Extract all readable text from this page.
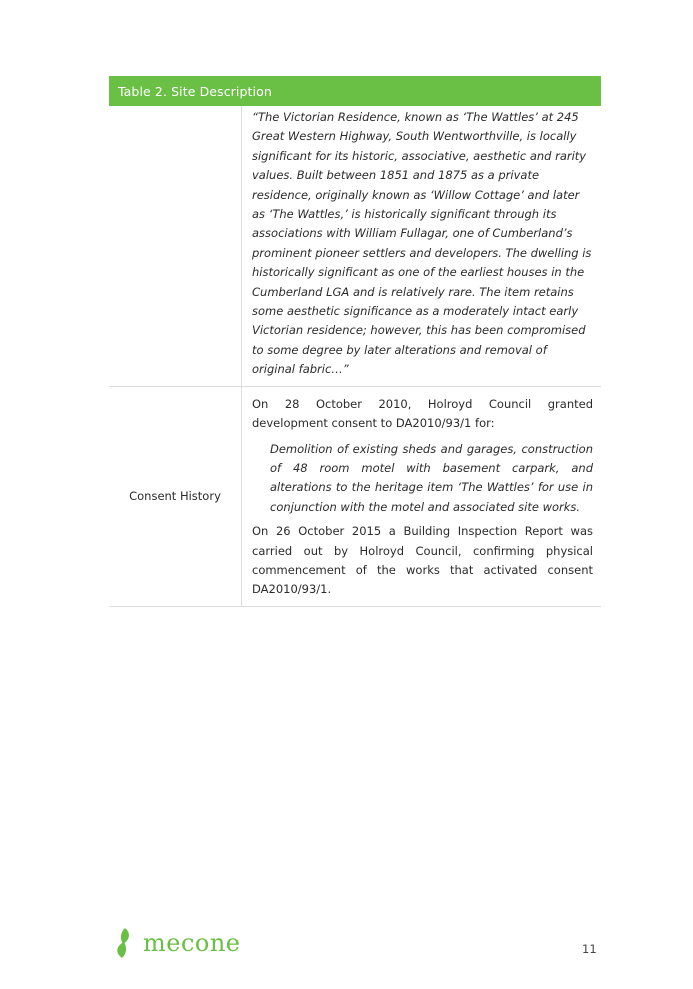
Table 2. Site Description

“The Victorian Residence, known as ‘The Wattles’ at 245 Great Western Highway, South Wentworthville, is locally significant for its historic, associative, aesthetic and rarity values. Built between 1851 and 1875 as a private residence, originally known as ‘Willow Cottage’ and later as ‘The Wattles,’ is historically significant through its associations with William Fullagar, one of Cumberland’s prominent pioneer settlers and developers. The dwelling is historically significant as one of the earliest houses in the Cumberland LGA and is relatively rare. The item retains some aesthetic significance as a moderately intact early Victorian residence; however, this has been compromised to some degree by later alterations and removal of original fabric…”

Consent History

On 28 October 2010, Holroyd Council granted development consent to DA2010/93/1 for:

Demolition of existing sheds and garages, construction of 48 room motel with basement carpark, and alterations to the heritage item ‘The Wattles’ for use in conjunction with the motel and associated site works.

On 26 October 2015 a Building Inspection Report was carried out by Holroyd Council, confirming physical commencement of the works that activated consent DA2010/93/1.

mecone	11
